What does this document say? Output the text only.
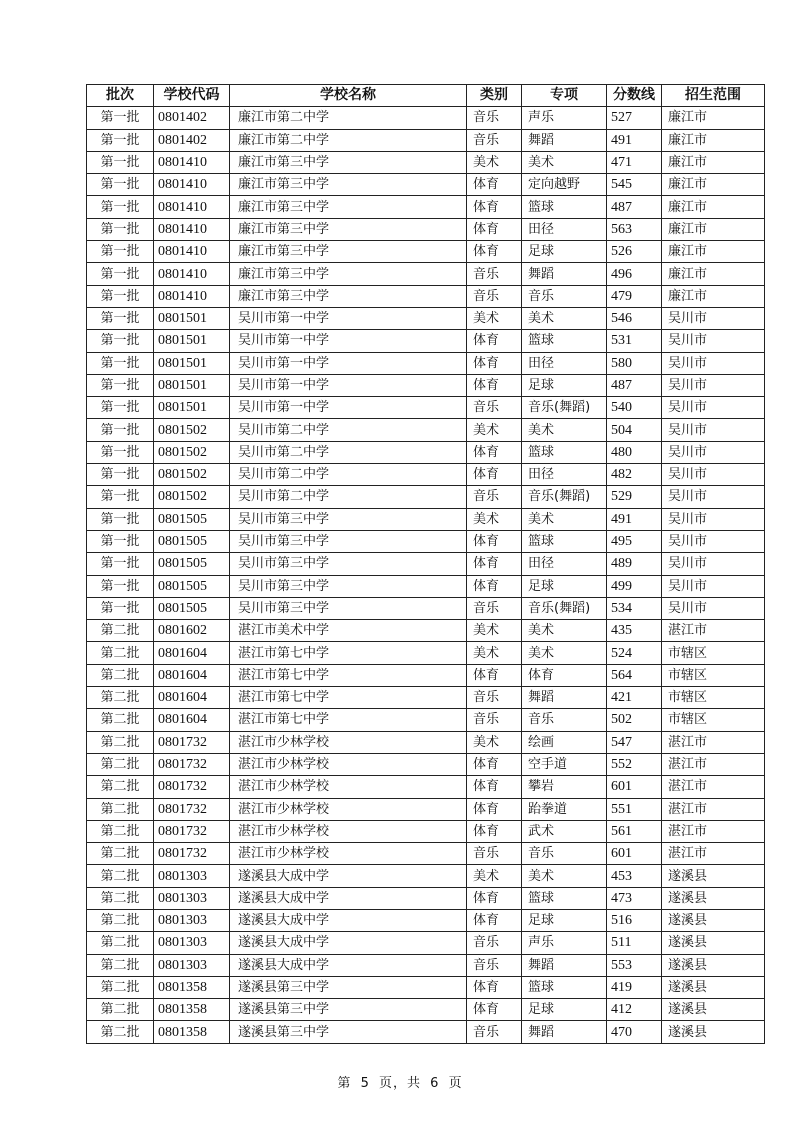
批次	学校代码	学校名称	类别	专项	分数线	招生范围
第一批	0801402	廉江市第二中学	音乐	声乐	527	廉江市
第一批	0801402	廉江市第二中学	音乐	舞蹈	491	廉江市
第一批	0801410	廉江市第三中学	美术	美术	471	廉江市
第一批	0801410	廉江市第三中学	体育	定向越野	545	廉江市
第一批	0801410	廉江市第三中学	体育	篮球	487	廉江市
第一批	0801410	廉江市第三中学	体育	田径	563	廉江市
第一批	0801410	廉江市第三中学	体育	足球	526	廉江市
第一批	0801410	廉江市第三中学	音乐	舞蹈	496	廉江市
第一批	0801410	廉江市第三中学	音乐	音乐	479	廉江市
第一批	0801501	吴川市第一中学	美术	美术	546	吴川市
第一批	0801501	吴川市第一中学	体育	篮球	531	吴川市
第一批	0801501	吴川市第一中学	体育	田径	580	吴川市
第一批	0801501	吴川市第一中学	体育	足球	487	吴川市
第一批	0801501	吴川市第一中学	音乐	音乐(舞蹈)	540	吴川市
第一批	0801502	吴川市第二中学	美术	美术	504	吴川市
第一批	0801502	吴川市第二中学	体育	篮球	480	吴川市
第一批	0801502	吴川市第二中学	体育	田径	482	吴川市
第一批	0801502	吴川市第二中学	音乐	音乐(舞蹈)	529	吴川市
第一批	0801505	吴川市第三中学	美术	美术	491	吴川市
第一批	0801505	吴川市第三中学	体育	篮球	495	吴川市
第一批	0801505	吴川市第三中学	体育	田径	489	吴川市
第一批	0801505	吴川市第三中学	体育	足球	499	吴川市
第一批	0801505	吴川市第三中学	音乐	音乐(舞蹈)	534	吴川市
第二批	0801602	湛江市美术中学	美术	美术	435	湛江市
第二批	0801604	湛江市第七中学	美术	美术	524	市辖区
第二批	0801604	湛江市第七中学	体育	体育	564	市辖区
第二批	0801604	湛江市第七中学	音乐	舞蹈	421	市辖区
第二批	0801604	湛江市第七中学	音乐	音乐	502	市辖区
第二批	0801732	湛江市少林学校	美术	绘画	547	湛江市
第二批	0801732	湛江市少林学校	体育	空手道	552	湛江市
第二批	0801732	湛江市少林学校	体育	攀岩	601	湛江市
第二批	0801732	湛江市少林学校	体育	跆拳道	551	湛江市
第二批	0801732	湛江市少林学校	体育	武术	561	湛江市
第二批	0801732	湛江市少林学校	音乐	音乐	601	湛江市
第二批	0801303	遂溪县大成中学	美术	美术	453	遂溪县
第二批	0801303	遂溪县大成中学	体育	篮球	473	遂溪县
第二批	0801303	遂溪县大成中学	体育	足球	516	遂溪县
第二批	0801303	遂溪县大成中学	音乐	声乐	511	遂溪县
第二批	0801303	遂溪县大成中学	音乐	舞蹈	553	遂溪县
第二批	0801358	遂溪县第三中学	体育	篮球	419	遂溪县
第二批	0801358	遂溪县第三中学	体育	足球	412	遂溪县
第二批	0801358	遂溪县第三中学	音乐	舞蹈	470	遂溪县
第 5 页，共 6 页
